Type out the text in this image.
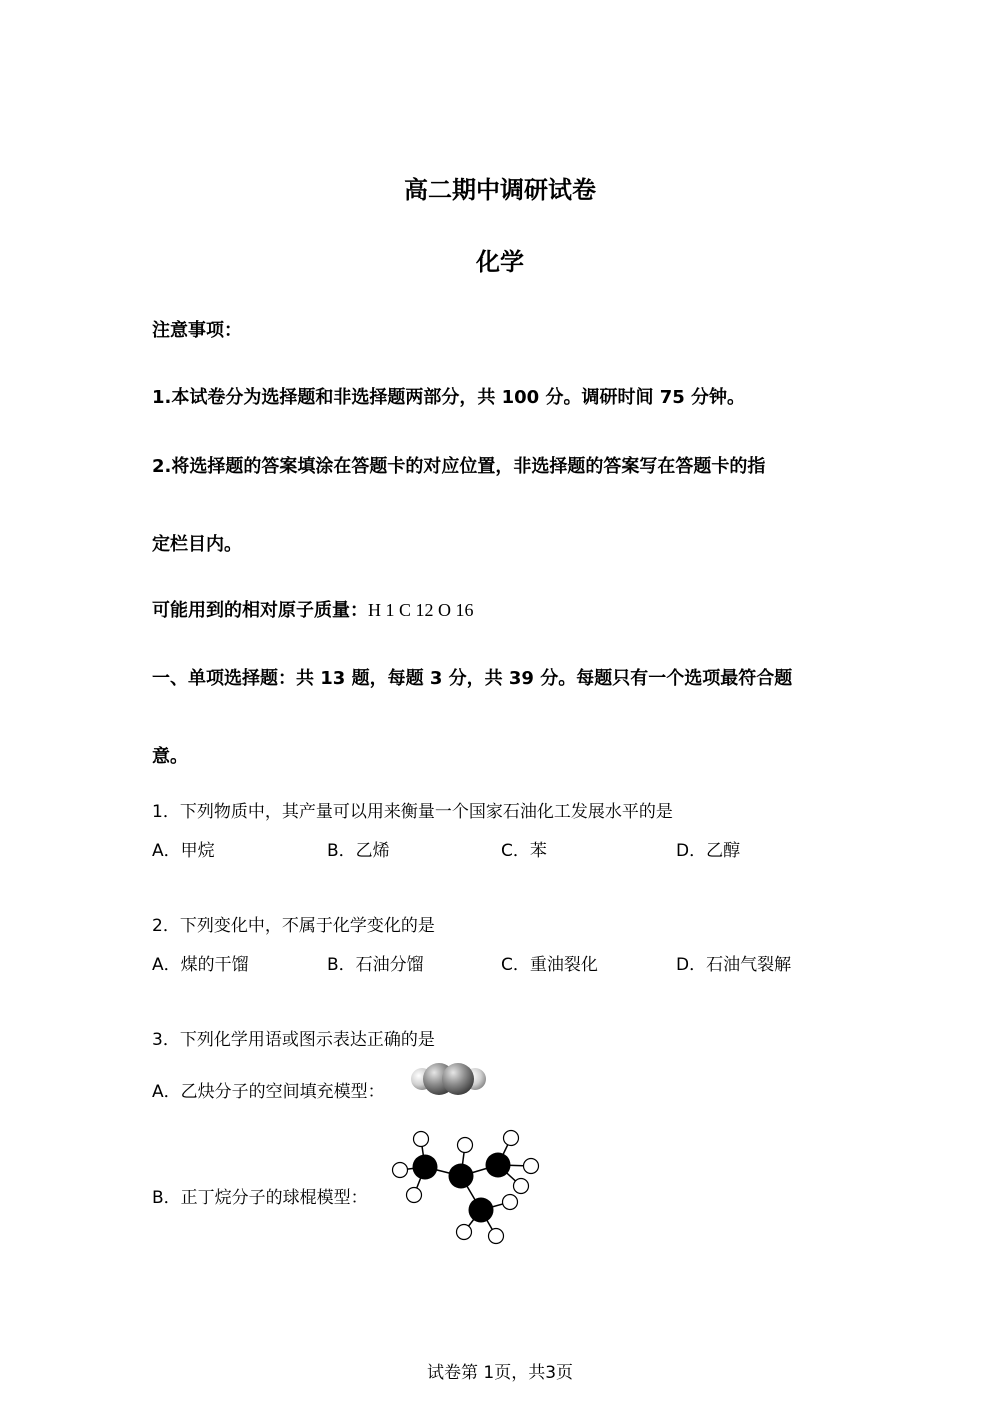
高二期中调研试卷
化学
注意事项：
1.本试卷分为选择题和非选择题两部分，共 100 分。调研时间 75 分钟。
2.将选择题的答案填涂在答题卡的对应位置，非选择题的答案写在答题卡的指
定栏目内。
可能用到的相对原子质量：H 1 C 12 O 16
一、单项选择题：共 13 题，每题 3 分，共 39 分。每题只有一个选项最符合题
意。
1．下列物质中，其产量可以用来衡量一个国家石油化工发展水平的是
A．甲烷	B．乙烯	C．苯	D．乙醇
2．下列变化中，不属于化学变化的是
A．煤的干馏	B．石油分馏	C．重油裂化	D．石油气裂解
3．下列化学用语或图示表达正确的是
A．乙炔分子的空间填充模型：
B．正丁烷分子的球棍模型：
试卷第 1页，共3页
